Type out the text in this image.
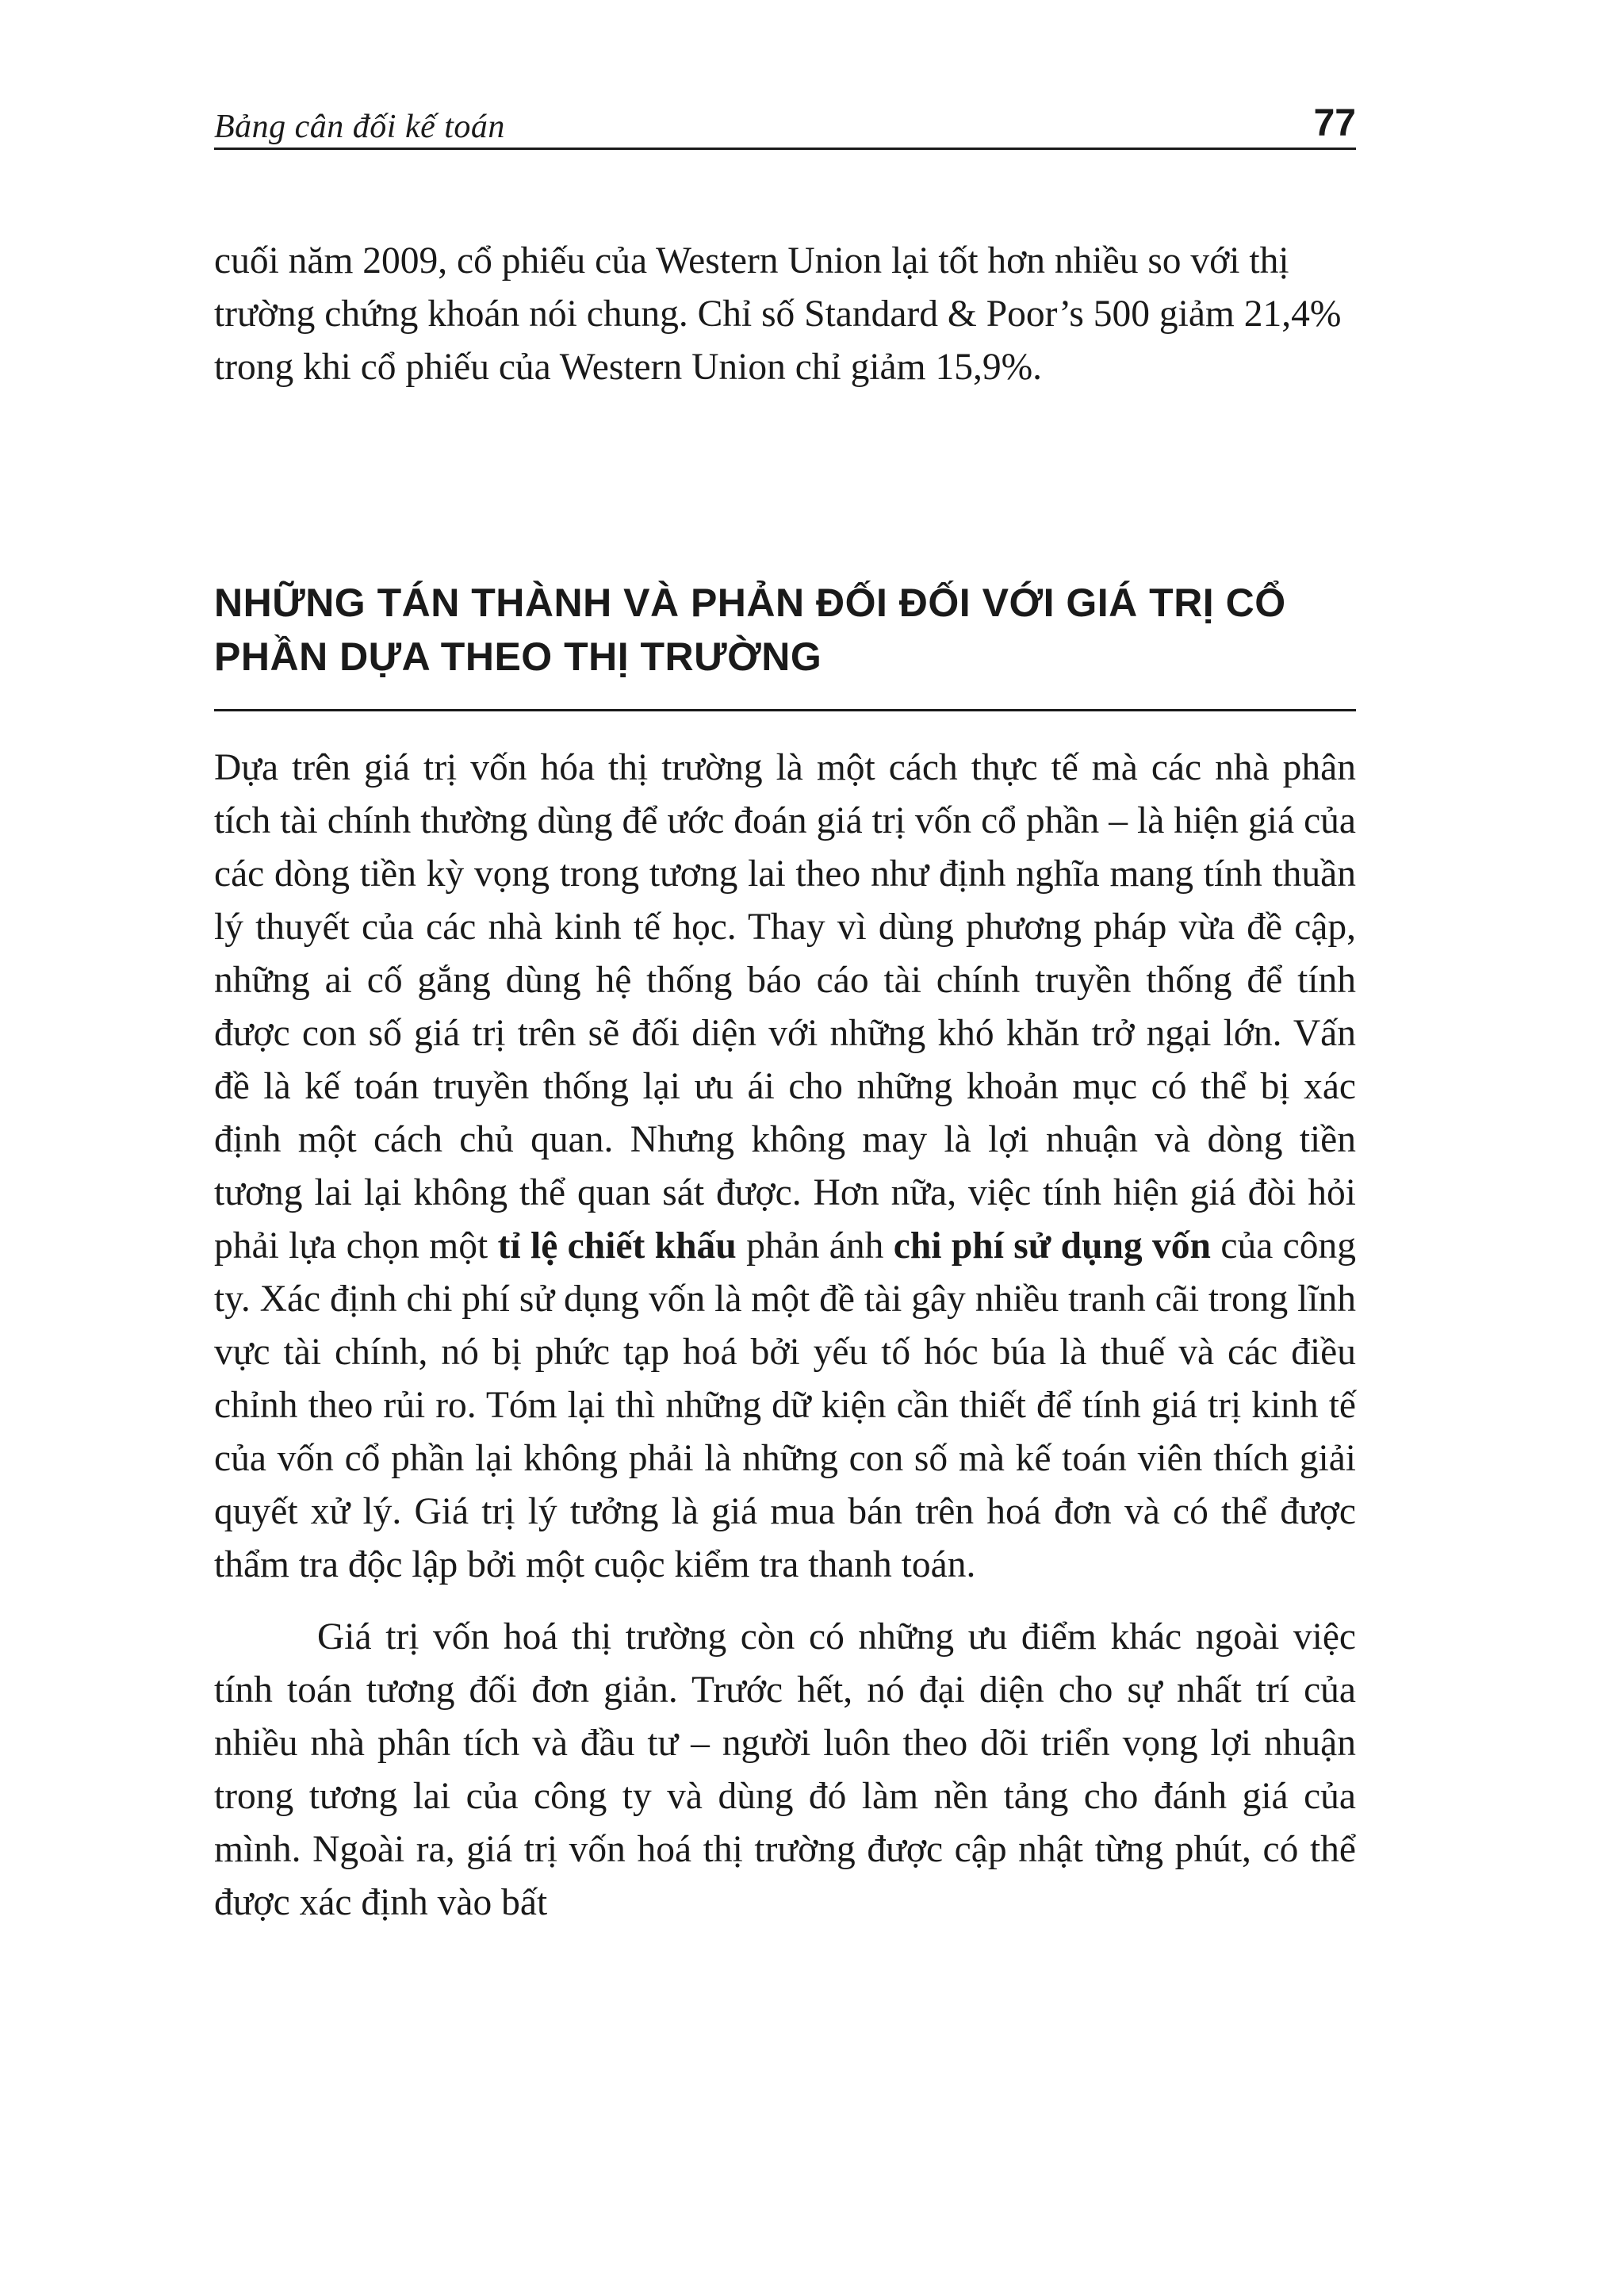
Bảng cân đối kế toán	77

cuối năm 2009, cổ phiếu của Western Union lại tốt hơn nhiều so với thị trường chứng khoán nói chung. Chỉ số Standard & Poor’s 500 giảm 21,4% trong khi cổ phiếu của Western Union chỉ giảm 15,9%.

NHỮNG TÁN THÀNH VÀ PHẢN ĐỐI ĐỐI VỚI GIÁ TRỊ CỔ PHẦN DỰA THEO THỊ TRƯỜNG

Dựa trên giá trị vốn hóa thị trường là một cách thực tế mà các nhà phân tích tài chính thường dùng để ước đoán giá trị vốn cổ phần – là hiện giá của các dòng tiền kỳ vọng trong tương lai theo như định nghĩa mang tính thuần lý thuyết của các nhà kinh tế học. Thay vì dùng phương pháp vừa đề cập, những ai cố gắng dùng hệ thống báo cáo tài chính truyền thống để tính được con số giá trị trên sẽ đối diện với những khó khăn trở ngại lớn. Vấn đề là kế toán truyền thống lại ưu ái cho những khoản mục có thể bị xác định một cách chủ quan. Nhưng không may là lợi nhuận và dòng tiền tương lai lại không thể quan sát được. Hơn nữa, việc tính hiện giá đòi hỏi phải lựa chọn một tỉ lệ chiết khấu phản ánh chi phí sử dụng vốn của công ty. Xác định chi phí sử dụng vốn là một đề tài gây nhiều tranh cãi trong lĩnh vực tài chính, nó bị phức tạp hoá bởi yếu tố hóc búa là thuế và các điều chỉnh theo rủi ro. Tóm lại thì những dữ kiện cần thiết để tính giá trị kinh tế của vốn cổ phần lại không phải là những con số mà kế toán viên thích giải quyết xử lý. Giá trị lý tưởng là giá mua bán trên hoá đơn và có thể được thẩm tra độc lập bởi một cuộc kiểm tra thanh toán.

Giá trị vốn hoá thị trường còn có những ưu điểm khác ngoài việc tính toán tương đối đơn giản. Trước hết, nó đại diện cho sự nhất trí của nhiều nhà phân tích và đầu tư – người luôn theo dõi triển vọng lợi nhuận trong tương lai của công ty và dùng đó làm nền tảng cho đánh giá của mình. Ngoài ra, giá trị vốn hoá thị trường được cập nhật từng phút, có thể được xác định vào bất
